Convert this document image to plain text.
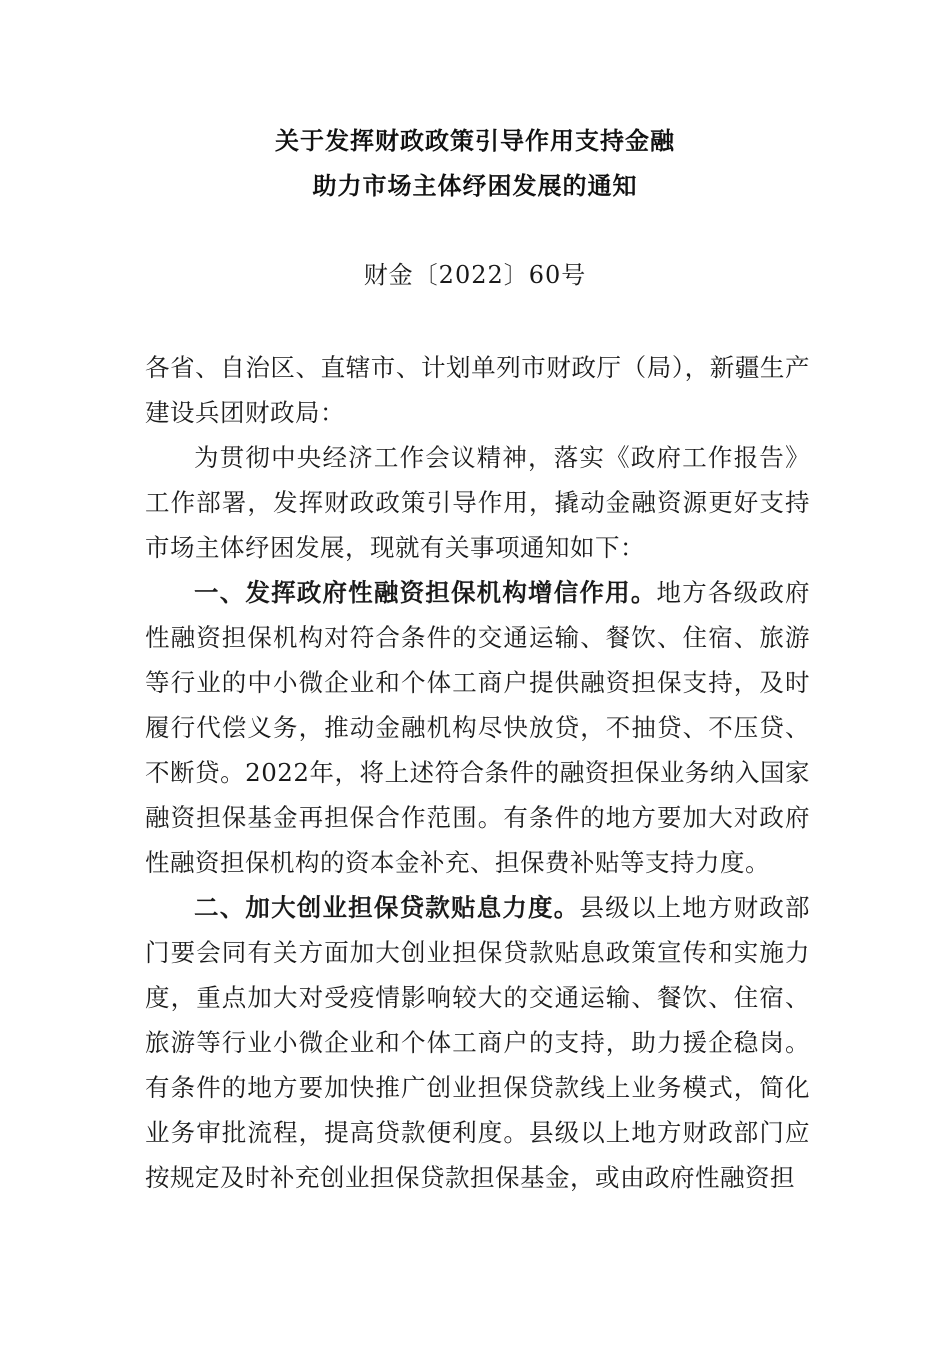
关于发挥财政政策引导作用支持金融
助力市场主体纾困发展的通知
财金〔2022〕60号

各省、自治区、直辖市、计划单列市财政厅（局），新疆生产建设兵团财政局：

为贯彻中央经济工作会议精神，落实《政府工作报告》工作部署，发挥财政政策引导作用，撬动金融资源更好支持市场主体纾困发展，现就有关事项通知如下：

一、发挥政府性融资担保机构增信作用。地方各级政府性融资担保机构对符合条件的交通运输、餐饮、住宿、旅游等行业的中小微企业和个体工商户提供融资担保支持，及时履行代偿义务，推动金融机构尽快放贷，不抽贷、不压贷、不断贷。2022年，将上述符合条件的融资担保业务纳入国家融资担保基金再担保合作范围。有条件的地方要加大对政府性融资担保机构的资本金补充、担保费补贴等支持力度。

二、加大创业担保贷款贴息力度。县级以上地方财政部门要会同有关方面加大创业担保贷款贴息政策宣传和实施力度，重点加大对受疫情影响较大的交通运输、餐饮、住宿、旅游等行业小微企业和个体工商户的支持，助力援企稳岗。有条件的地方要加快推广创业担保贷款线上业务模式，简化业务审批流程，提高贷款便利度。县级以上地方财政部门应按规定及时补充创业担保贷款担保基金，或由政府性融资担
